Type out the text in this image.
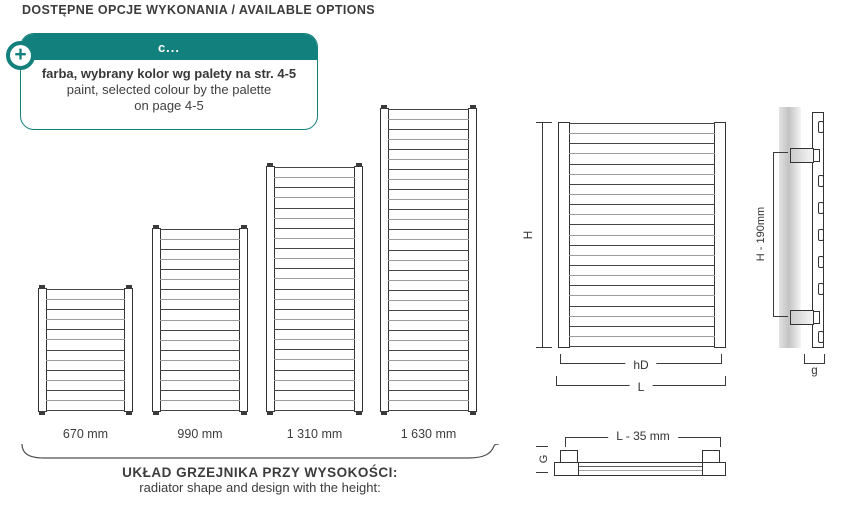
DOSTĘPNE OPCJE WYKONANIA / AVAILABLE OPTIONS
c...
farba, wybrany kolor wg palety na str. 4-5
paint, selected colour by the palette
on page 4-5
+
670 mm	990 mm	1 310 mm	1 630 mm
UKŁAD GRZEJNIKA PRZY WYSOKOŚCI:
radiator shape and design with the height:
H
hD
L
H - 190mm
g
L - 35 mm
G
